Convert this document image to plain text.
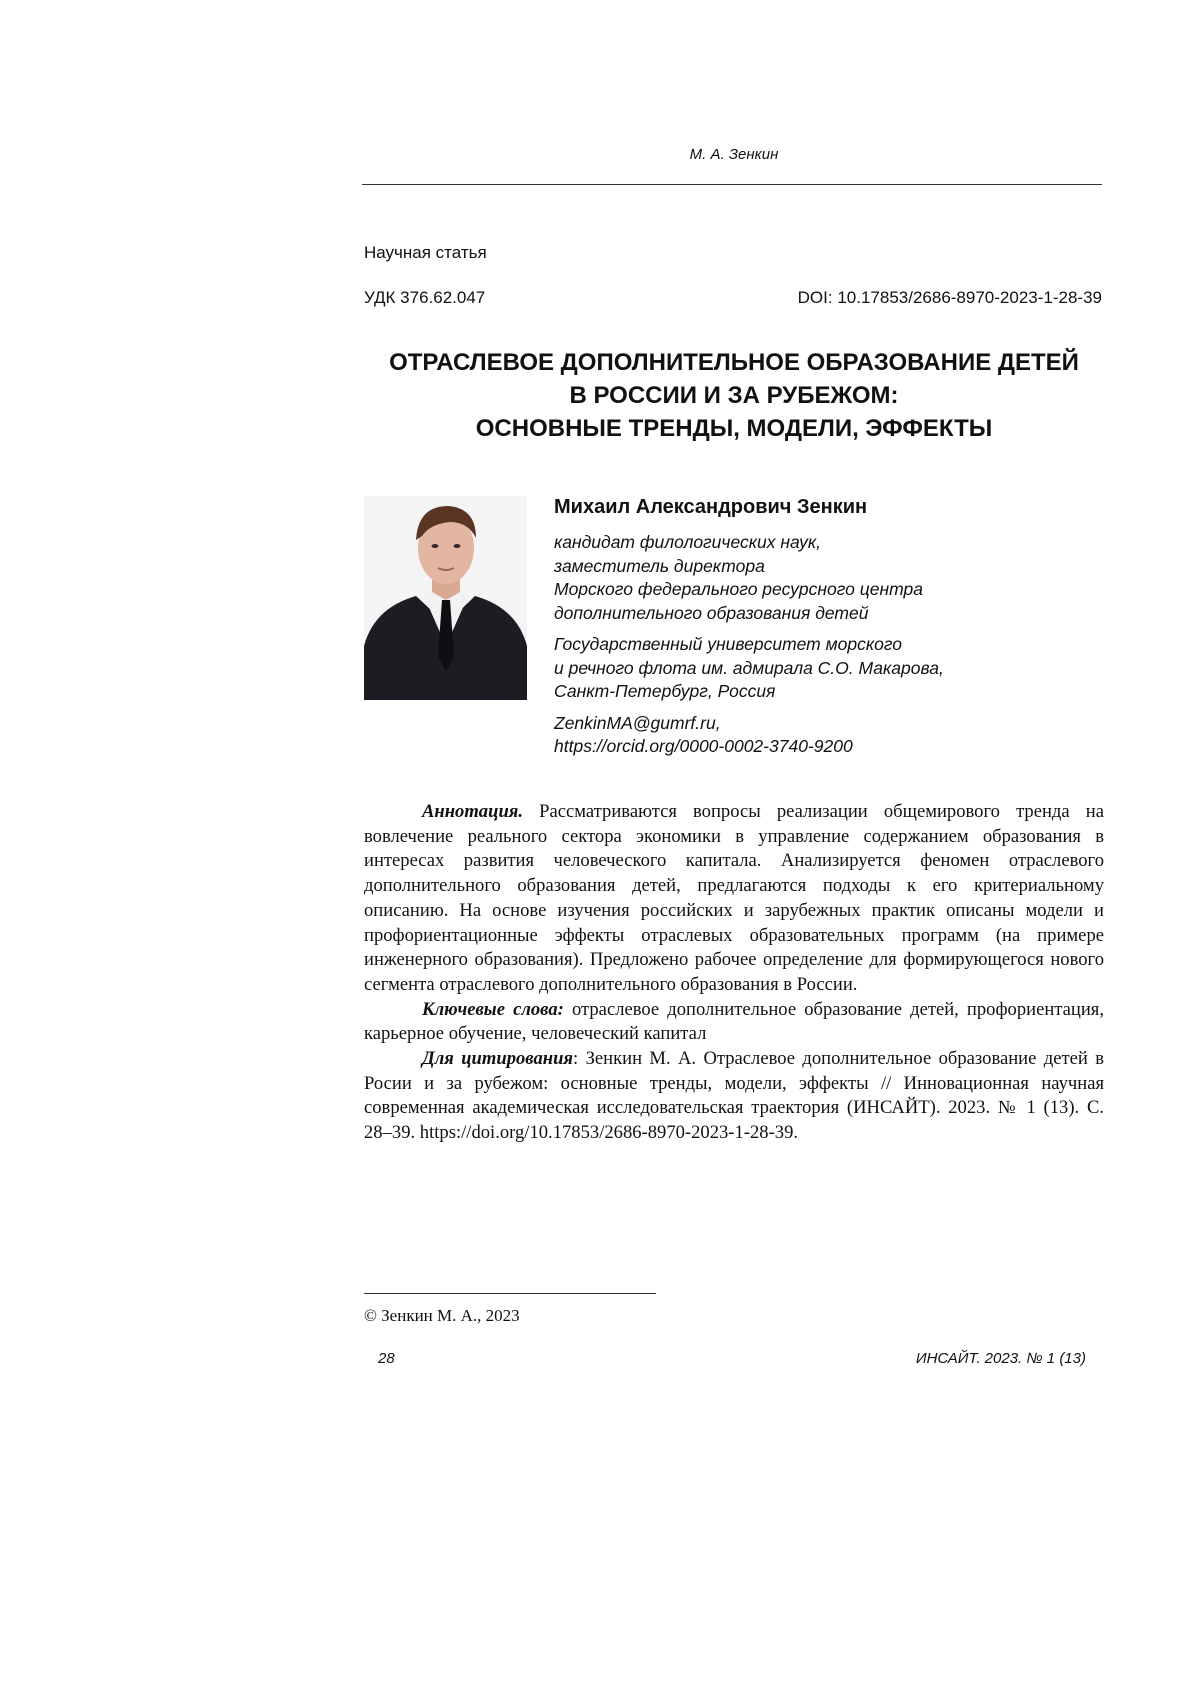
М. А. Зенкин
Научная статья
УДК 376.62.047	DOI: 10.17853/2686-8970-2023-1-28-39
ОТРАСЛЕВОЕ ДОПОЛНИТЕЛЬНОЕ ОБРАЗОВАНИЕ ДЕТЕЙ
В РОССИИ И ЗА РУБЕЖОМ:
ОСНОВНЫЕ ТРЕНДЫ, МОДЕЛИ, ЭФФЕКТЫ
Михаил Александрович Зенкин
кандидат филологических наук,
заместитель директора
Морского федерального ресурсного центра
дополнительного образования детей
Государственный университет морского
и речного флота им. адмирала С.О. Макарова,
Санкт-Петербург, Россия
ZenkinMA@gumrf.ru,
https://orcid.org/0000-0002-3740-9200

Аннотация. Рассматриваются вопросы реализации общемирового тренда на вовлечение реального сектора экономики в управление содержанием образования в интересах развития человеческого капитала. Анализируется феномен отраслевого дополнительного образования детей, предлагаются подходы к его критериальному описанию. На основе изучения российских и зарубежных практик описаны модели и профориентационные эффекты отраслевых образовательных программ (на примере инженерного образования). Предложено рабочее определение для формирующегося нового сегмента отраслевого дополнительного образования в России.

Ключевые слова: отраслевое дополнительное образование детей, профориентация, карьерное обучение, человеческий капитал

Для цитирования: Зенкин М. А. Отраслевое дополнительное образование детей в Росии и за рубежом: основные тренды, модели, эффекты // Инновационная научная современная академическая исследовательская траектория (ИНСАЙТ). 2023. № 1 (13). С. 28–39. https://doi.org/10.17853/2686-8970-2023-1-28-39.

© Зенкин М. А., 2023
28	ИНСАЙТ. 2023. № 1 (13)
